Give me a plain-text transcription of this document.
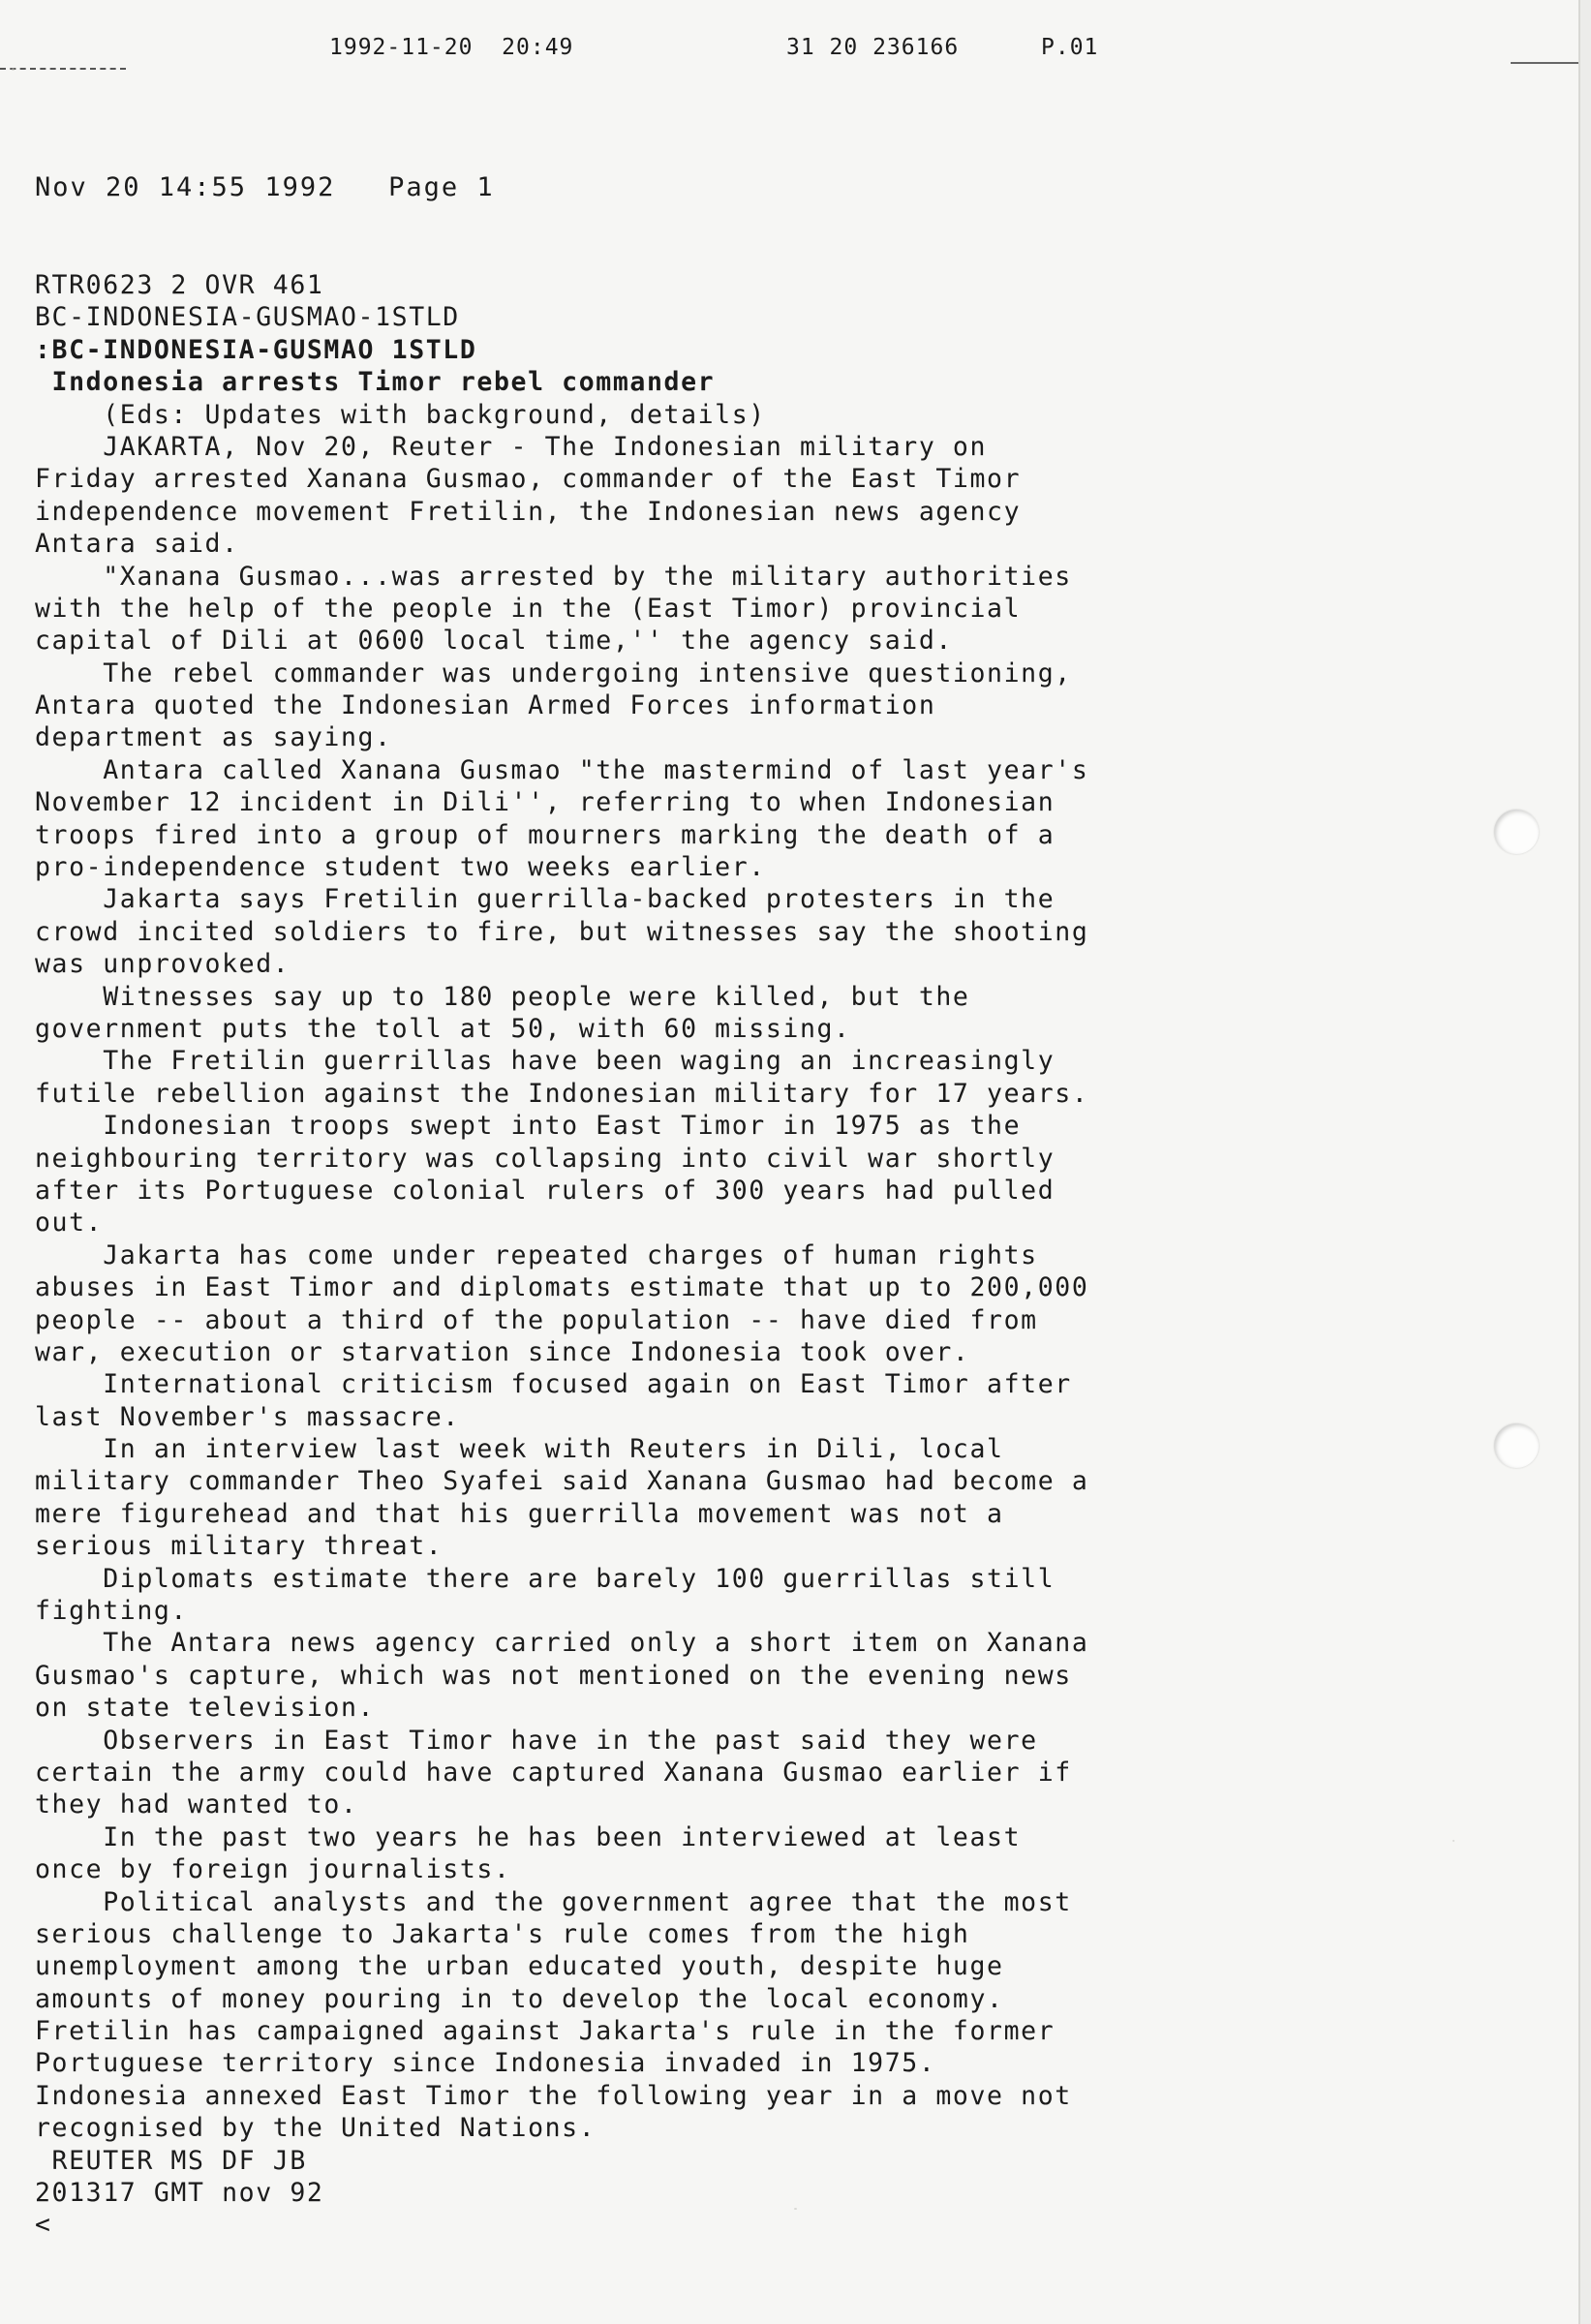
1992-11-20  20:49

	31 20 236166

	P.01

Nov 20 14:55 1992   Page 1
RTR0623 2 OVR 461
BC-INDONESIA-GUSMAO-1STLD
:BC-INDONESIA-GUSMAO 1STLD
Indonesia arrests Timor rebel commander
(Eds: Updates with background, details)
JAKARTA, Nov 20, Reuter - The Indonesian military on
Friday arrested Xanana Gusmao, commander of the East Timor
independence movement Fretilin, the Indonesian news agency
Antara said.
"Xanana Gusmao...was arrested by the military authorities
with the help of the people in the (East Timor) provincial
capital of Dili at 0600 local time,'' the agency said.
The rebel commander was undergoing intensive questioning,
Antara quoted the Indonesian Armed Forces information
department as saying.
Antara called Xanana Gusmao "the mastermind of last year's
November 12 incident in Dili'', referring to when Indonesian
troops fired into a group of mourners marking the death of a
pro-independence student two weeks earlier.
Jakarta says Fretilin guerrilla-backed protesters in the
crowd incited soldiers to fire, but witnesses say the shooting
was unprovoked.
Witnesses say up to 180 people were killed, but the
government puts the toll at 50, with 60 missing.
The Fretilin guerrillas have been waging an increasingly
futile rebellion against the Indonesian military for 17 years.
Indonesian troops swept into East Timor in 1975 as the
neighbouring territory was collapsing into civil war shortly
after its Portuguese colonial rulers of 300 years had pulled
out.
Jakarta has come under repeated charges of human rights
abuses in East Timor and diplomats estimate that up to 200,000
people -- about a third of the population -- have died from
war, execution or starvation since Indonesia took over.
International criticism focused again on East Timor after
last November's massacre.
In an interview last week with Reuters in Dili, local
military commander Theo Syafei said Xanana Gusmao had become a
mere figurehead and that his guerrilla movement was not a
serious military threat.
Diplomats estimate there are barely 100 guerrillas still
fighting.
The Antara news agency carried only a short item on Xanana
Gusmao's capture, which was not mentioned on the evening news
on state television.
Observers in East Timor have in the past said they were
certain the army could have captured Xanana Gusmao earlier if
they had wanted to.
In the past two years he has been interviewed at least
once by foreign journalists.
Political analysts and the government agree that the most
serious challenge to Jakarta's rule comes from the high
unemployment among the urban educated youth, despite huge
amounts of money pouring in to develop the local economy.
Fretilin has campaigned against Jakarta's rule in the former
Portuguese territory since Indonesia invaded in 1975.
Indonesia annexed East Timor the following year in a move not
recognised by the United Nations.
REUTER MS DF JB
201317 GMT nov 92
<
